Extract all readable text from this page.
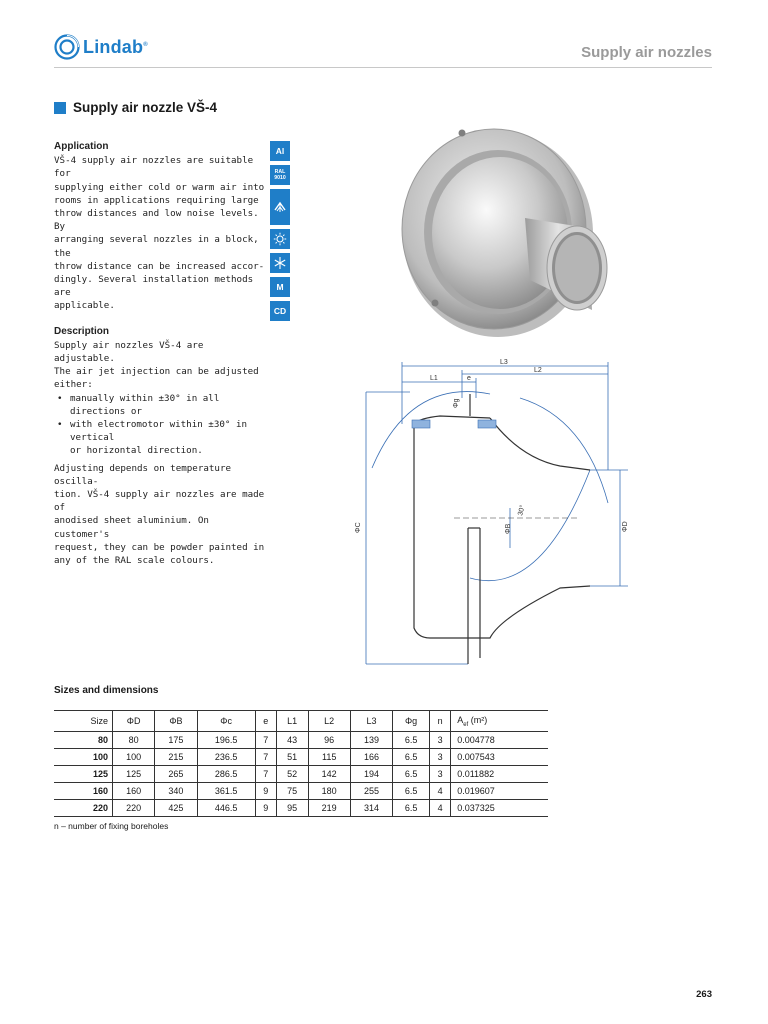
Lindab®	Supply air nozzles
Supply air nozzle VŠ-4
Application
VŠ-4 supply air nozzles are suitable for
supplying either cold or warm air into
rooms in applications requiring large
throw distances and low noise levels. By
arranging several nozzles in a block, the
throw distance can be increased accor-
dingly. Several installation methods are
applicable.
Description
Supply air nozzles VŠ-4 are adjustable.
The air jet injection can be adjusted either:
• manually within ±30° in all directions or
• with electromotor within ±30° in vertical
or horizontal direction.
Adjusting depends on temperature oscilla-
tion. VŠ-4 supply air nozzles are made of
anodised sheet aluminium. On customer's
request, they can be powder painted in
any of the RAL scale colours.
Al
RAL
9010
M
CD
L3
L2
L1	e
ΦC	ΦB	ΦD
Φg
30°
Sizes and dimensions
Size	ΦD	ΦB	Φc	e	L1	L2	L3	Φg	n	$A_{ef}$ (m²)
80	80	175	196.5	7	43	96	139	6.5	3	0.004778
100	100	215	236.5	7	51	115	166	6.5	3	0.007543
125	125	265	286.5	7	52	142	194	6.5	3	0.011882
160	160	340	361.5	9	75	180	255	6.5	4	0.019607
220	220	425	446.5	9	95	219	314	6.5	4	0.037325
n – number of fixing boreholes
263
